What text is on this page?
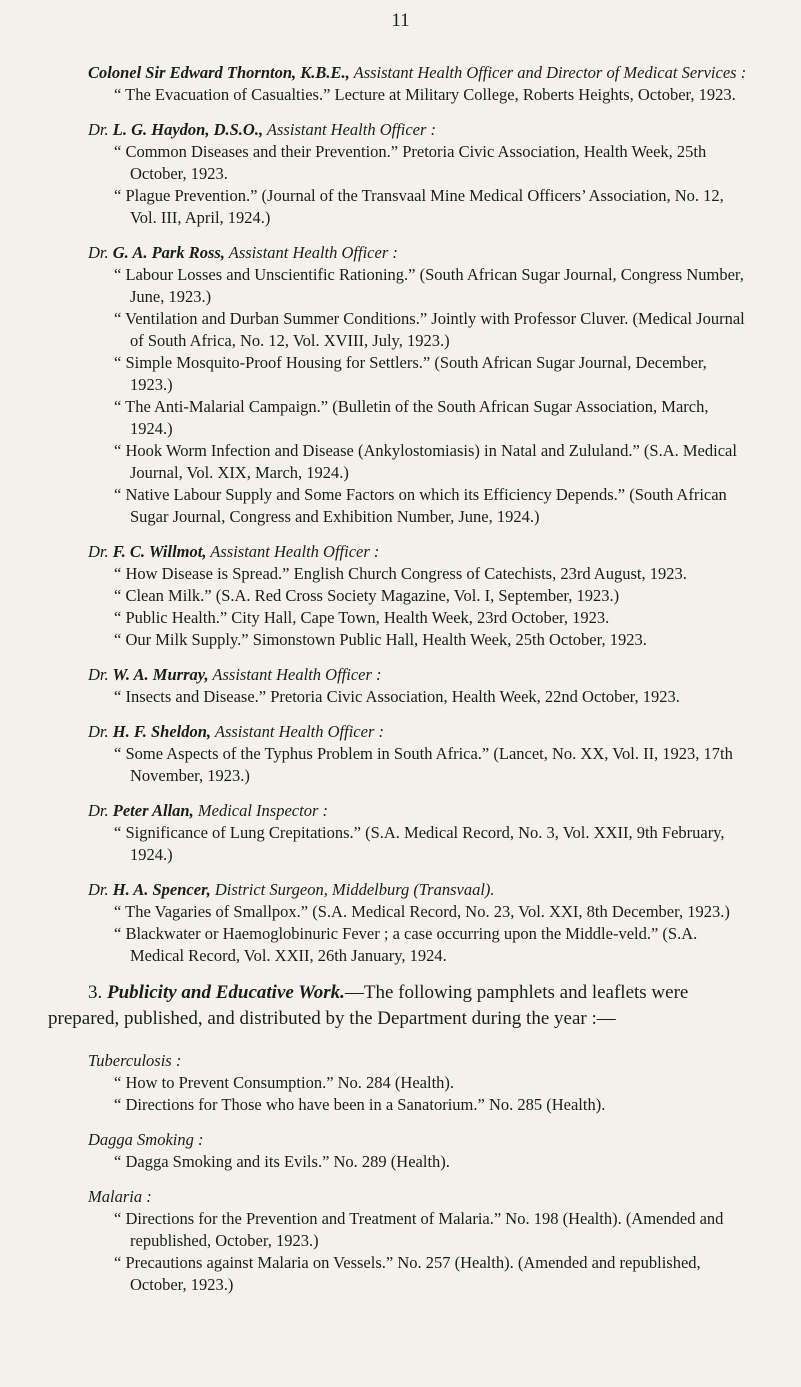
11
Colonel Sir Edward Thornton, K.B.E., Assistant Health Officer and Director of Medicat Services :
“ The Evacuation of Casualties.” Lecture at Military College, Roberts Heights, October, 1923.
Dr. L. G. Haydon, D.S.O., Assistant Health Officer :
“ Common Diseases and their Prevention.” Pretoria Civic Association, Health Week, 25th October, 1923.
“ Plague Prevention.” (Journal of the Transvaal Mine Medical Officers’ Association, No. 12, Vol. III, April, 1924.)
Dr. G. A. Park Ross, Assistant Health Officer :
“ Labour Losses and Unscientific Rationing.” (South African Sugar Journal, Congress Number, June, 1923.)
“ Ventilation and Durban Summer Conditions.” Jointly with Professor Cluver. (Medical Journal of South Africa, No. 12, Vol. XVIII, July, 1923.)
“ Simple Mosquito-Proof Housing for Settlers.” (South African Sugar Journal, December, 1923.)
“ The Anti-Malarial Campaign.” (Bulletin of the South African Sugar Association, March, 1924.)
“ Hook Worm Infection and Disease (Ankylostomiasis) in Natal and Zululand.” (S.A. Medical Journal, Vol. XIX, March, 1924.)
“ Native Labour Supply and Some Factors on which its Efficiency Depends.” (South African Sugar Journal, Congress and Exhibition Number, June, 1924.)
Dr. F. C. Willmot, Assistant Health Officer :
“ How Disease is Spread.” English Church Congress of Catechists, 23rd August, 1923.
“ Clean Milk.” (S.A. Red Cross Society Magazine, Vol. I, September, 1923.)
“ Public Health.” City Hall, Cape Town, Health Week, 23rd October, 1923.
“ Our Milk Supply.” Simonstown Public Hall, Health Week, 25th October, 1923.
Dr. W. A. Murray, Assistant Health Officer :
“ Insects and Disease.” Pretoria Civic Association, Health Week, 22nd October, 1923.
Dr. H. F. Sheldon, Assistant Health Officer :
“ Some Aspects of the Typhus Problem in South Africa.” (Lancet, No. XX, Vol. II, 1923, 17th November, 1923.)
Dr. Peter Allan, Medical Inspector :
“ Significance of Lung Crepitations.” (S.A. Medical Record, No. 3, Vol. XXII, 9th February, 1924.)
Dr. H. A. Spencer, District Surgeon, Middelburg (Transvaal).
“ The Vagaries of Smallpox.” (S.A. Medical Record, No. 23, Vol. XXI, 8th December, 1923.)
“ Blackwater or Haemoglobinuric Fever ; a case occurring upon the Middle-veld.” (S.A. Medical Record, Vol. XXII, 26th January, 1924.

3. Publicity and Educative Work.—The following pamphlets and leaflets were prepared, published, and distributed by the Department during the year :—

Tuberculosis :
“ How to Prevent Consumption.” No. 284 (Health).
“ Directions for Those who have been in a Sanatorium.” No. 285 (Health).
Dagga Smoking :
“ Dagga Smoking and its Evils.” No. 289 (Health).
Malaria :
“ Directions for the Prevention and Treatment of Malaria.” No. 198 (Health). (Amended and republished, October, 1923.)
“ Precautions against Malaria on Vessels.” No. 257 (Health). (Amended and republished, October, 1923.)
